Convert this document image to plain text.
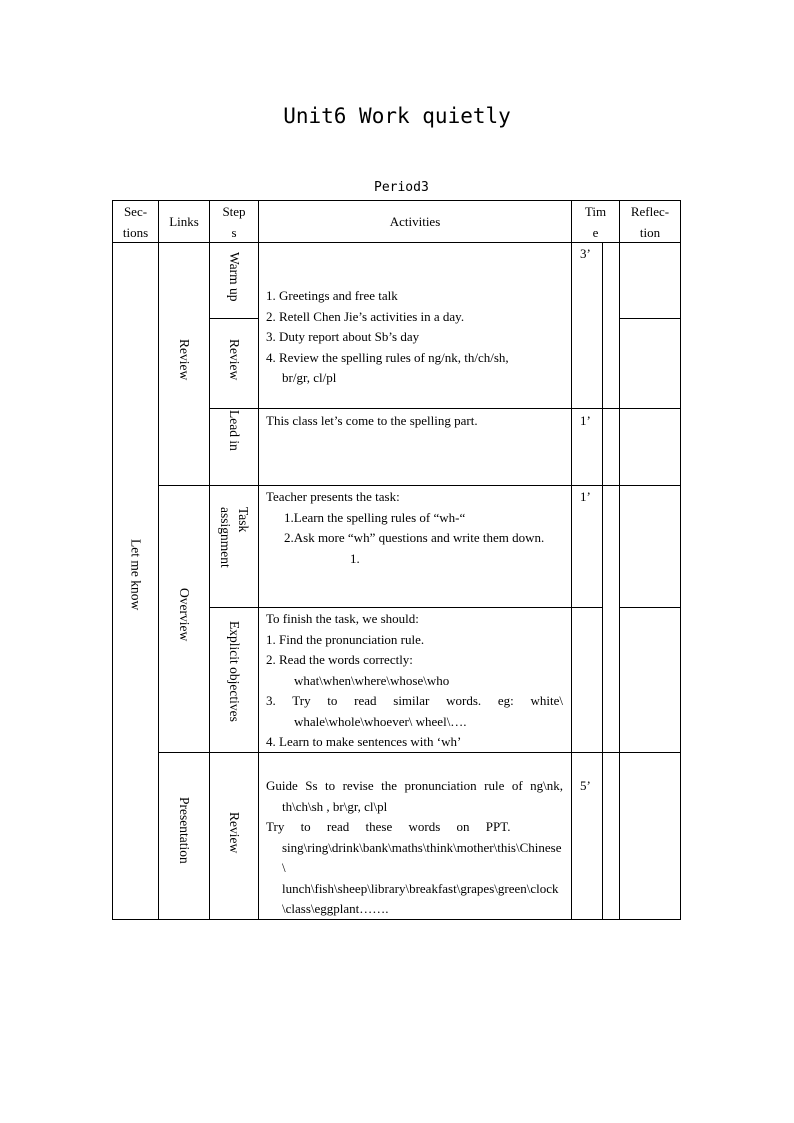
Unit6 Work quietly
Period3
Sec-
tions
Links
Step
s
Activities
Tim
e
Reflec-
tion
Let me know
Review
Overview
Presentation
Warm up
Review
Lead in
Task
assignment
Explicit objectives
Review

1. Greetings and free talk

2. Retell Chen Jie’s activities in a day.

3. Duty report about Sb’s day

4. Review the spelling rules of ng/nk, th/ch/sh,

br/gr, cl/pl

This class let’s come to the spelling part.

Teacher presents the task:

1.Learn the spelling rules of “wh-“

2.Ask more “wh” questions and write them down.

1.

To finish the task, we should:

1. Find the pronunciation rule.

2. Read the words correctly:

what\when\where\whose\who

3. Try to read similar words. eg: white\ whale\whole\whoever\ wheel\….

4. Learn to make sentences with ‘wh’

Guide Ss to revise the pronunciation rule of ng\nk, th\ch\sh , br\gr, cl\pl

Try     to     read     these     words     on     PPT.

sing\ring\drink\bank\maths\think\mother\this\Chinese\

lunch\fish\sheep\library\breakfast\grapes\green\clock\class\eggplant…….

3’
1’
1’
5’
